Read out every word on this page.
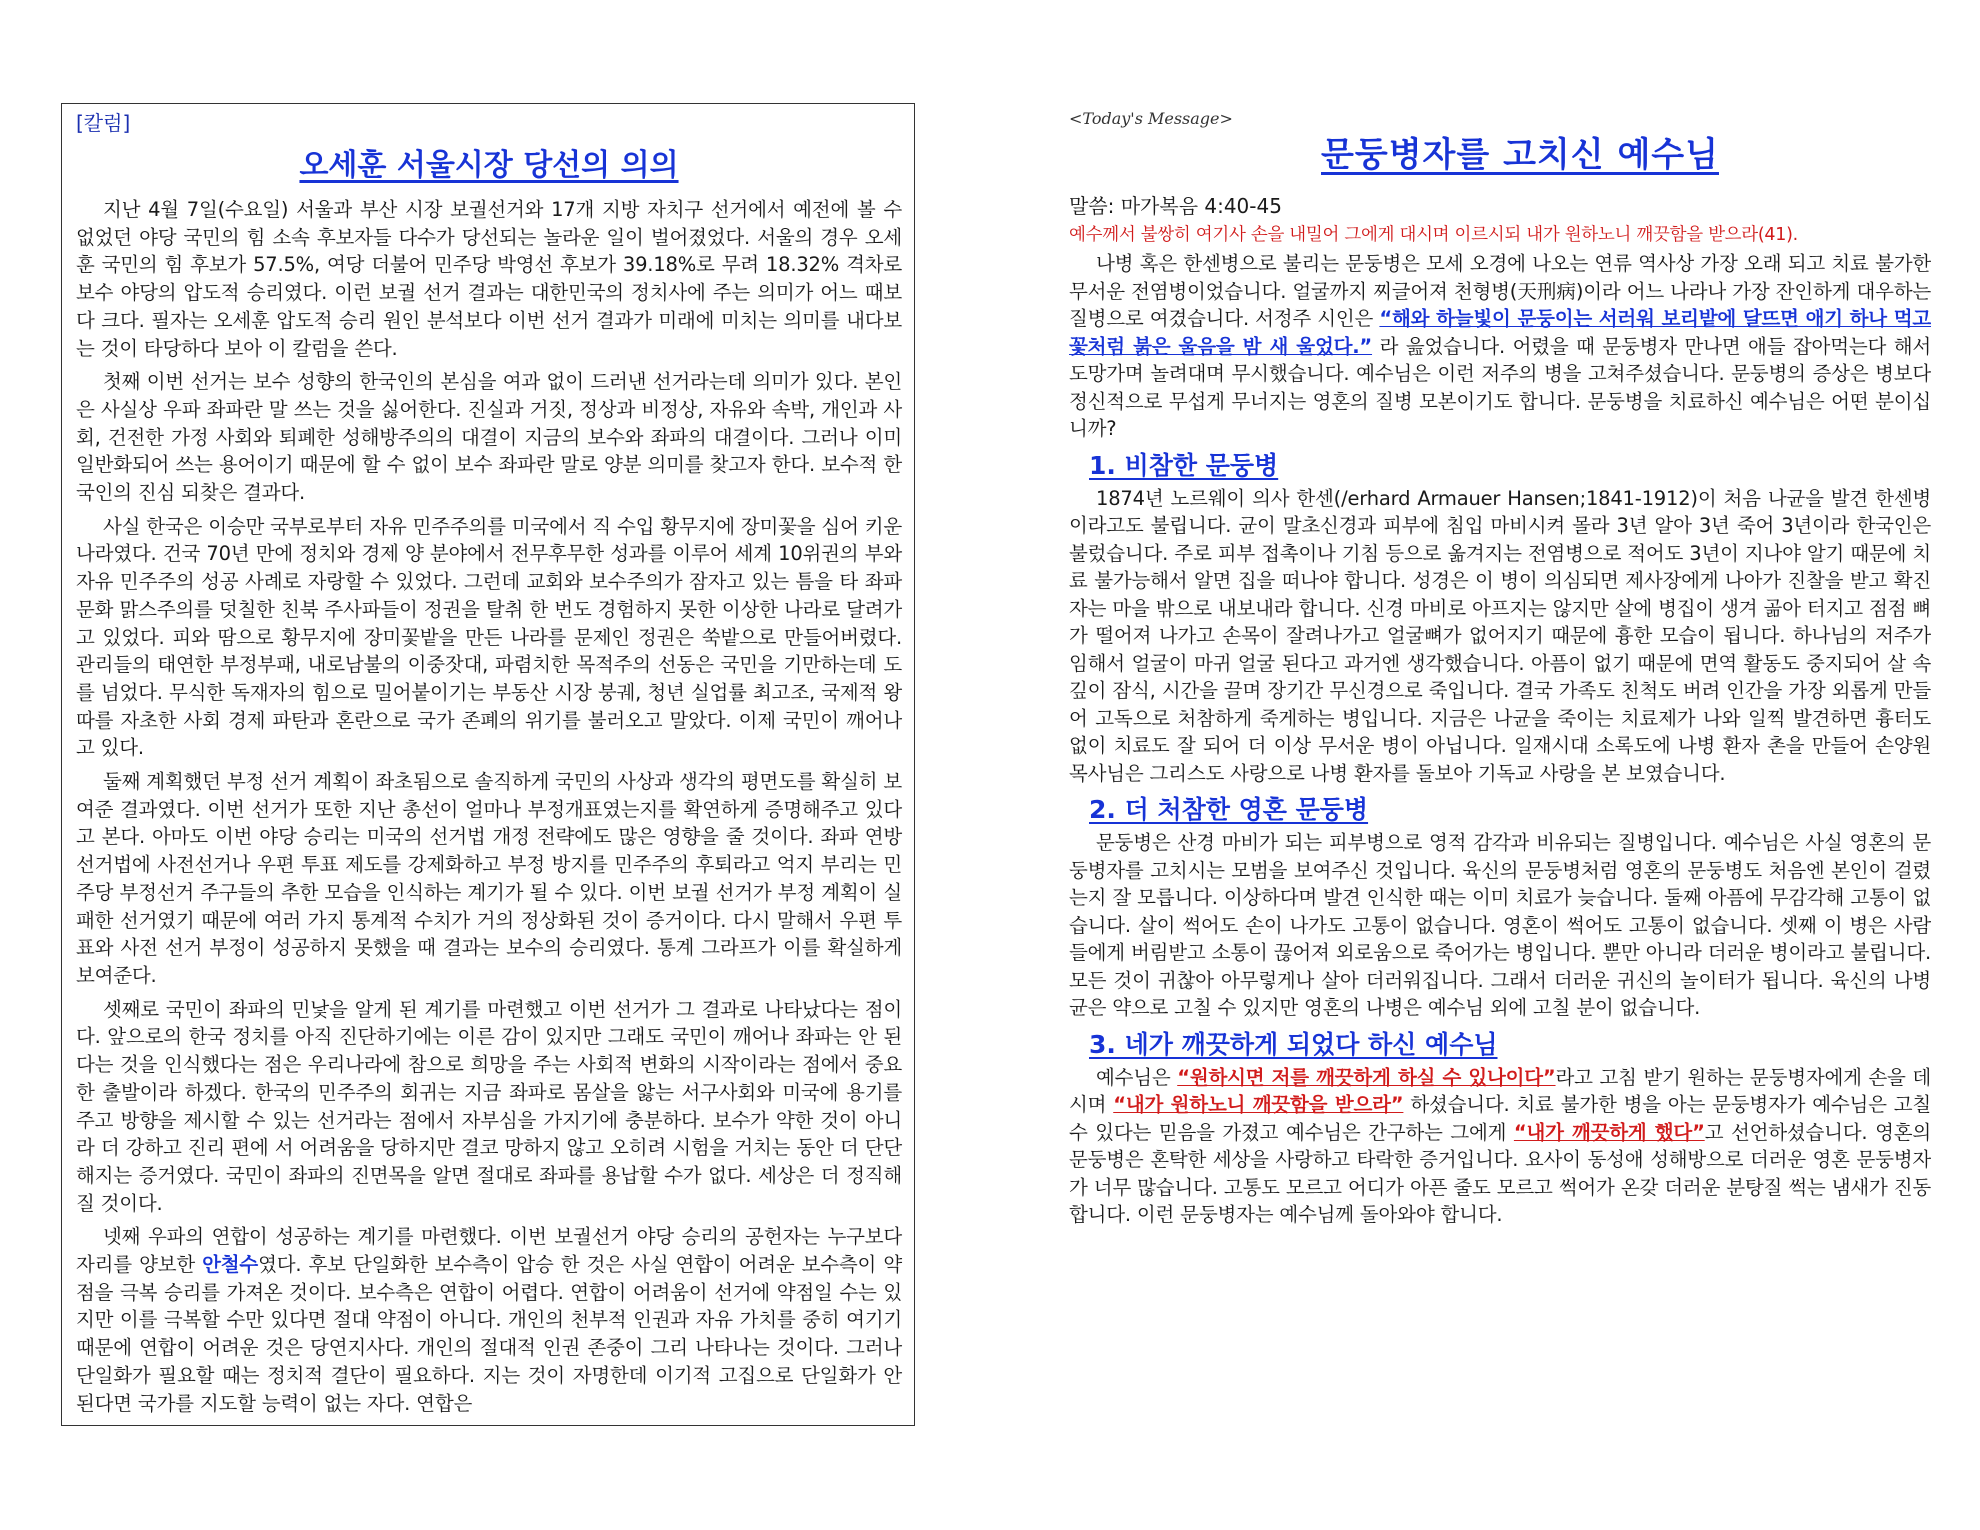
[칼럼]
오세훈 서울시장 당선의 의의

지난 4월 7일(수요일) 서울과 부산 시장 보궐선거와 17개 지방 자치구 선거에서 예전에 볼 수 없었던 야당 국민의 힘 소속 후보자들 다수가 당선되는 놀라운 일이 벌어졌었다. 서울의 경우 오세훈 국민의 힘 후보가 57.5%, 여당 더불어 민주당 박영선 후보가 39.18%로 무려 18.32% 격차로 보수 야당의 압도적 승리였다. 이런 보궐 선거 결과는 대한민국의 정치사에 주는 의미가 어느 때보다 크다. 필자는 오세훈 압도적 승리 원인 분석보다 이번 선거 결과가 미래에 미치는 의미를 내다보는 것이 타당하다 보아 이 칼럼을 쓴다.

첫째 이번 선거는 보수 성향의 한국인의 본심을 여과 없이 드러낸 선거라는데 의미가 있다. 본인은 사실상 우파 좌파란 말 쓰는 것을 싫어한다. 진실과 거짓, 정상과 비정상, 자유와 속박, 개인과 사회, 건전한 가정 사회와 퇴폐한 성해방주의의 대결이 지금의 보수와 좌파의 대결이다. 그러나 이미 일반화되어 쓰는 용어이기 때문에 할 수 없이 보수 좌파란 말로 양분 의미를 찾고자 한다. 보수적 한국인의 진심 되찾은 결과다.

사실 한국은 이승만 국부로부터 자유 민주주의를 미국에서 직 수입 황무지에 장미꽃을 심어 키운 나라였다. 건국 70년 만에 정치와 경제 양 분야에서 전무후무한 성과를 이루어 세계 10위권의 부와 자유 민주주의 성공 사례로 자랑할 수 있었다. 그런데 교회와 보수주의가 잠자고 있는 틈을 타 좌파 문화 맑스주의를 덧칠한 친북 주사파들이 정권을 탈취 한 번도 경험하지 못한 이상한 나라로 달려가고 있었다. 피와 땀으로 황무지에 장미꽃밭을 만든 나라를 문제인 정권은 쑥밭으로 만들어버렸다. 관리들의 태연한 부정부패, 내로남불의 이중잣대, 파렴치한 목적주의 선동은 국민을 기만하는데 도를 넘었다. 무식한 독재자의 힘으로 밀어붙이기는 부동산 시장 붕궤, 청년 실업률 최고조, 국제적 왕따를 자초한 사회 경제 파탄과 혼란으로 국가 존폐의 위기를 불러오고 말았다. 이제 국민이 깨어나고 있다.

둘째 계획했던 부정 선거 계획이 좌초됨으로 솔직하게 국민의 사상과 생각의 평면도를 확실히 보여준 결과였다. 이번 선거가 또한 지난 총선이 얼마나 부정개표였는지를 확연하게 증명해주고 있다고 본다. 아마도 이번 야당 승리는 미국의 선거법 개정 전략에도 많은 영향을 줄 것이다. 좌파 연방 선거법에 사전선거나 우편 투표 제도를 강제화하고 부정 방지를 민주주의 후퇴라고 억지 부리는 민주당 부정선거 주구들의 추한 모습을 인식하는 계기가 될 수 있다. 이번 보궐 선거가 부정 계획이 실패한 선거였기 때문에 여러 가지 통계적 수치가 거의 정상화된 것이 증거이다. 다시 말해서 우편 투표와 사전 선거 부정이 성공하지 못했을 때 결과는 보수의 승리였다. 통계 그라프가 이를 확실하게 보여준다.

셋째로 국민이 좌파의 민낯을 알게 된 계기를 마련했고 이번 선거가 그 결과로 나타났다는 점이다. 앞으로의 한국 정치를 아직 진단하기에는 이른 감이 있지만 그래도 국민이 깨어나 좌파는 안 된다는 것을 인식했다는 점은 우리나라에 참으로 희망을 주는 사회적 변화의 시작이라는 점에서 중요한 출발이라 하겠다. 한국의 민주주의 회귀는 지금 좌파로 몸살을 앓는 서구사회와 미국에 용기를 주고 방향을 제시할 수 있는 선거라는 점에서 자부심을 가지기에 충분하다. 보수가 약한 것이 아니라 더 강하고 진리 편에 서 어려움을 당하지만 결코 망하지 않고 오히려 시험을 거치는 동안 더 단단해지는 증거였다. 국민이 좌파의 진면목을 알면 절대로 좌파를 용납할 수가 없다. 세상은 더 정직해질 것이다.

넷째 우파의 연합이 성공하는 계기를 마련했다. 이번 보궐선거 야당 승리의 공헌자는 누구보다 자리를 양보한 안철수였다. 후보 단일화한 보수측이 압승 한 것은 사실 연합이 어려운 보수측이 약점을 극복 승리를 가져온 것이다. 보수측은 연합이 어렵다. 연합이 어려움이 선거에 약점일 수는 있지만 이를 극복할 수만 있다면 절대 약점이 아니다. 개인의 천부적 인권과 자유 가치를 중히 여기기 때문에 연합이 어려운 것은 당연지사다. 개인의 절대적 인권 존중이 그리 나타나는 것이다. 그러나 단일화가 필요할 때는 정치적 결단이 필요하다. 지는 것이 자명한데 이기적 고집으로 단일화가 안 된다면 국가를 지도할 능력이 없는 자다. 연합은

<Today's Message>
문둥병자를 고치신 예수님
말씀: 마가복음 4:40-45
예수께서 불쌍히 여기사 손을 내밀어 그에게 대시며 이르시되 내가 원하노니 깨끗함을 받으라(41).

나병 혹은 한센병으로 불리는 문둥병은 모세 오경에 나오는 연류 역사상 가장 오래 되고 치료 불가한 무서운 전염병이었습니다. 얼굴까지 찌글어져 천형병(天刑病)이라 어느 나라나 가장 잔인하게 대우하는 질병으로 여겼습니다. 서정주 시인은 “해와 하늘빛이 문둥이는 서러워 보리밭에 달뜨면 애기 하나 먹고 꽃처럼 붉은 울음을 밤 새 울었다.” 라 읊었습니다. 어렸을 때 문둥병자 만나면 애들 잡아먹는다 해서 도망가며 놀려대며 무시했습니다. 예수님은 이런 저주의 병을 고쳐주셨습니다. 문둥병의 증상은 병보다 정신적으로 무섭게 무너지는 영혼의 질병 모본이기도 합니다. 문둥병을 치료하신 예수님은 어떤 분이십니까?

1. 비참한 문둥병

1874년 노르웨이 의사 한센(/erhard Armauer Hansen;1841-1912)이 처음 나균을 발견 한센병이라고도 불립니다. 균이 말초신경과 피부에 침입 마비시켜 몰라 3년 알아 3년 죽어 3년이라 한국인은 불렀습니다. 주로 피부 접촉이나 기침 등으로 옮겨지는 전염병으로 적어도 3년이 지나야 알기 때문에 치료 불가능해서 알면 집을 떠나야 합니다. 성경은 이 병이 의심되면 제사장에게 나아가 진찰을 받고 확진자는 마을 밖으로 내보내라 합니다. 신경 마비로 아프지는 않지만 살에 병집이 생겨 곪아 터지고 점점 뼈가 떨어져 나가고 손목이 잘려나가고 얼굴뼈가 없어지기 때문에 흉한 모습이 됩니다. 하나님의 저주가 임해서 얼굴이 마귀 얼굴 된다고 과거엔 생각했습니다. 아픔이 없기 때문에 면역 활동도 중지되어 살 속 깊이 잠식, 시간을 끌며 장기간 무신경으로 죽입니다. 결국 가족도 친척도 버려 인간을 가장 외롭게 만들어 고독으로 처참하게 죽게하는 병입니다. 지금은 나균을 죽이는 치료제가 나와 일찍 발견하면 흉터도 없이 치료도 잘 되어 더 이상 무서운 병이 아닙니다. 일재시대 소록도에 나병 환자 촌을 만들어 손양원 목사님은 그리스도 사랑으로 나병 환자를 돌보아 기독교 사랑을 본 보였습니다.

2. 더 처참한 영혼 문둥병

문둥병은 산경 마비가 되는 피부병으로 영적 감각과 비유되는 질병입니다. 예수님은 사실 영혼의 문둥병자를 고치시는 모범을 보여주신 것입니다. 육신의 문둥병처럼 영혼의 문둥병도 처음엔 본인이 걸렸는지 잘 모릅니다. 이상하다며 발견 인식한 때는 이미 치료가 늦습니다. 둘째 아픔에 무감각해 고통이 없습니다. 살이 썩어도 손이 나가도 고통이 없습니다. 영혼이 썩어도 고통이 없습니다. 셋째 이 병은 사람들에게 버림받고 소통이 끊어져 외로움으로 죽어가는 병입니다. 뿐만 아니라 더러운 병이라고 불립니다. 모든 것이 귀찮아 아무렇게나 살아 더러워집니다. 그래서 더러운 귀신의 놀이터가 됩니다. 육신의 나병 균은 약으로 고칠 수 있지만 영혼의 나병은 예수님 외에 고칠 분이 없습니다.

3. 네가 깨끗하게 되었다 하신 예수님

예수님은 “원하시면 저를 깨끗하게 하실 수 있나이다”라고 고침 받기 원하는 문둥병자에게 손을 데시며 “내가 원하노니 깨끗함을 받으라” 하셨습니다. 치료 불가한 병을 아는 문둥병자가 예수님은 고칠 수 있다는 믿음을 가졌고 예수님은 간구하는 그에게 “내가 깨끗하게 했다”고 선언하셨습니다. 영혼의 문둥병은 혼탁한 세상을 사랑하고 타락한 증거입니다. 요사이 동성애 성해방으로 더러운 영혼 문둥병자가 너무 많습니다. 고통도 모르고 어디가 아픈 줄도 모르고 썩어가 온갖 더러운 분탕질 썩는 냄새가 진동합니다. 이런 문둥병자는 예수님께 돌아와야 합니다.
